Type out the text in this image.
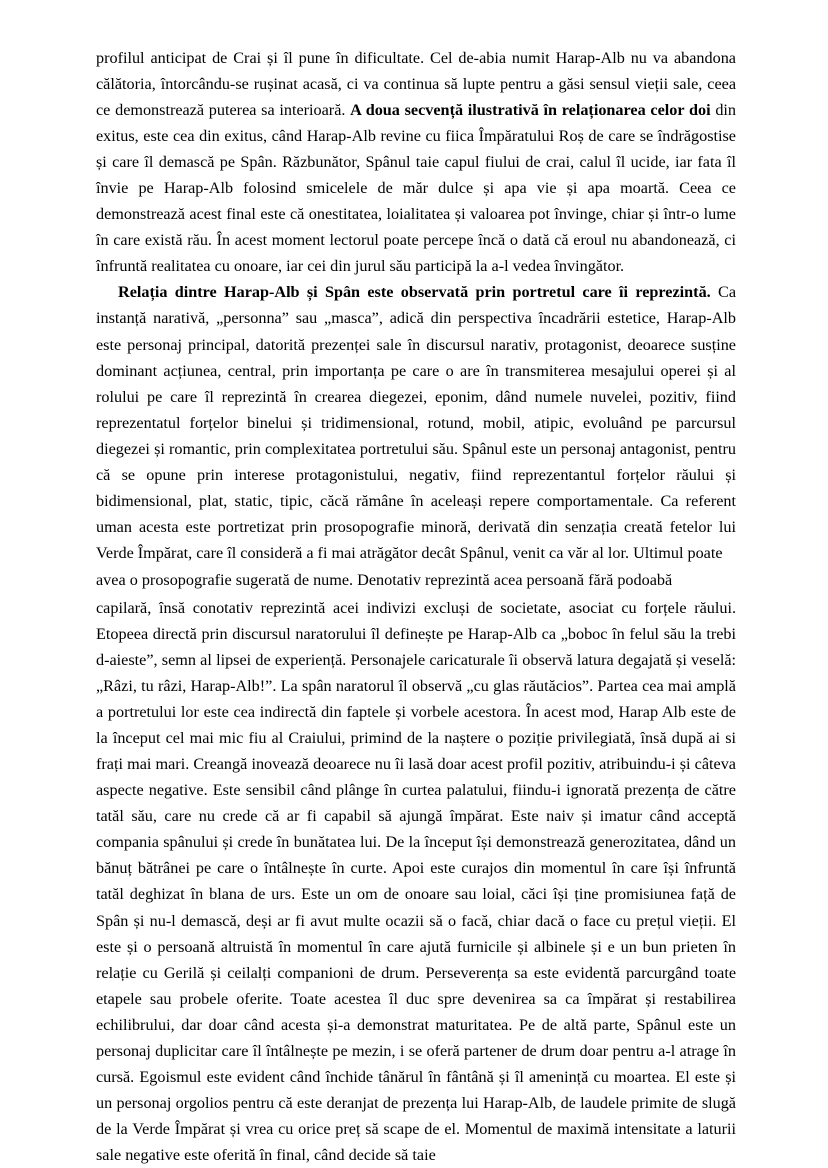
profilul anticipat de Crai și îl pune în dificultate. Cel de-abia numit Harap-Alb nu va abandona călătoria, întorcându-se rușinat acasă, ci va continua să lupte pentru a găsi sensul vieții sale, ceea ce demonstrează puterea sa interioară. A doua secvență ilustrativă în relaționarea celor doi din exitus, este cea din exitus, când Harap-Alb revine cu fiica Împăratului Roș de care se îndrăgostise și care îl demască pe Spân. Răzbunător, Spânul taie capul fiului de crai, calul îl ucide, iar fata îl învie pe Harap-Alb folosind smicelele de măr dulce și apa vie și apa moartă. Ceea ce demonstrează acest final este că onestitatea, loialitatea și valoarea pot învinge, chiar și într-o lume în care există rău. În acest moment lectorul poate percepe încă o dată că eroul nu abandonează, ci înfruntă realitatea cu onoare, iar cei din jurul său participă la a-l vedea învingător.

Relația dintre Harap-Alb și Spân este observată prin portretul care îi reprezintă. Ca instanță narativă, „personna” sau „masca”, adică din perspectiva încadrării estetice, Harap-Alb este personaj principal, datorită prezenței sale în discursul narativ, protagonist, deoarece susține dominant acțiunea, central, prin importanța pe care o are în transmiterea mesajului operei și al rolului pe care îl reprezintă în crearea diegezei, eponim, dând numele nuvelei, pozitiv, fiind reprezentatul forțelor binelui și tridimensional, rotund, mobil, atipic, evoluând pe parcursul diegezei și romantic, prin complexitatea portretului său. Spânul este un personaj antagonist, pentru că se opune prin interese protagonistului, negativ, fiind reprezentantul forțelor răului și bidimensional, plat, static, tipic, căcă rămâne în aceleași repere comportamentale. Ca referent uman acesta este portretizat prin prosopografie minoră, derivată din senzația creată fetelor lui Verde Împărat, care îl consideră a fi mai atrăgător decât Spânul, venit ca văr al lor. Ultimul poate

avea o prosopografie sugerată de nume. Denotativ reprezintă acea persoană fără podoabă

capilară, însă conotativ reprezintă acei indivizi excluși de societate, asociat cu forțele răului. Etopeea directă prin discursul naratorului îl definește pe Harap-Alb ca „boboc în felul său la trebi d-aieste”, semn al lipsei de experiență. Personajele caricaturale îi observă latura degajată și veselă: „Râzi, tu râzi, Harap-Alb!”. La spân naratorul îl observă „cu glas răutăcios”. Partea cea mai amplă a portretului lor este cea indirectă din faptele și vorbele acestora. În acest mod, Harap Alb este de la început cel mai mic fiu al Craiului, primind de la naștere o poziție privilegiată, însă după ai si frați mai mari. Creangă inovează deoarece nu îi lasă doar acest profil pozitiv, atribuindu-i și câteva aspecte negative. Este sensibil când plânge în curtea palatului, fiindu-i ignorată prezența de către tatăl său, care nu crede că ar fi capabil să ajungă împărat. Este naiv și imatur când acceptă compania spânului și crede în bunătatea lui. De la început își demonstrează generozitatea, dând un bănuț bătrânei pe care o întâlnește în curte. Apoi este curajos din momentul în care își înfruntă tatăl deghizat în blana de urs. Este un om de onoare sau loial, căci își ține promisiunea față de Spân și nu-l demască, deși ar fi avut multe ocazii să o facă, chiar dacă o face cu prețul vieții. El este și o persoană altruistă în momentul în care ajută furnicile și albinele și e un bun prieten în relație cu Gerilă și ceilalți companioni de drum. Perseverența sa este evidentă parcurgând toate etapele sau probele oferite. Toate acestea îl duc spre devenirea sa ca împărat și restabilirea echilibrului, dar doar când acesta și-a demonstrat maturitatea. Pe de altă parte, Spânul este un personaj duplicitar care îl întâlnește pe mezin, i se oferă partener de drum doar pentru a-l atrage în cursă. Egoismul este evident când închide tânărul în fântână și îl amenință cu moartea. El este și un personaj orgolios pentru că este deranjat de prezența lui Harap-Alb, de laudele primite de slugă de la Verde Împărat și vrea cu orice preț să scape de el. Momentul de maximă intensitate a laturii sale negative este oferită în final, când decide să taie
